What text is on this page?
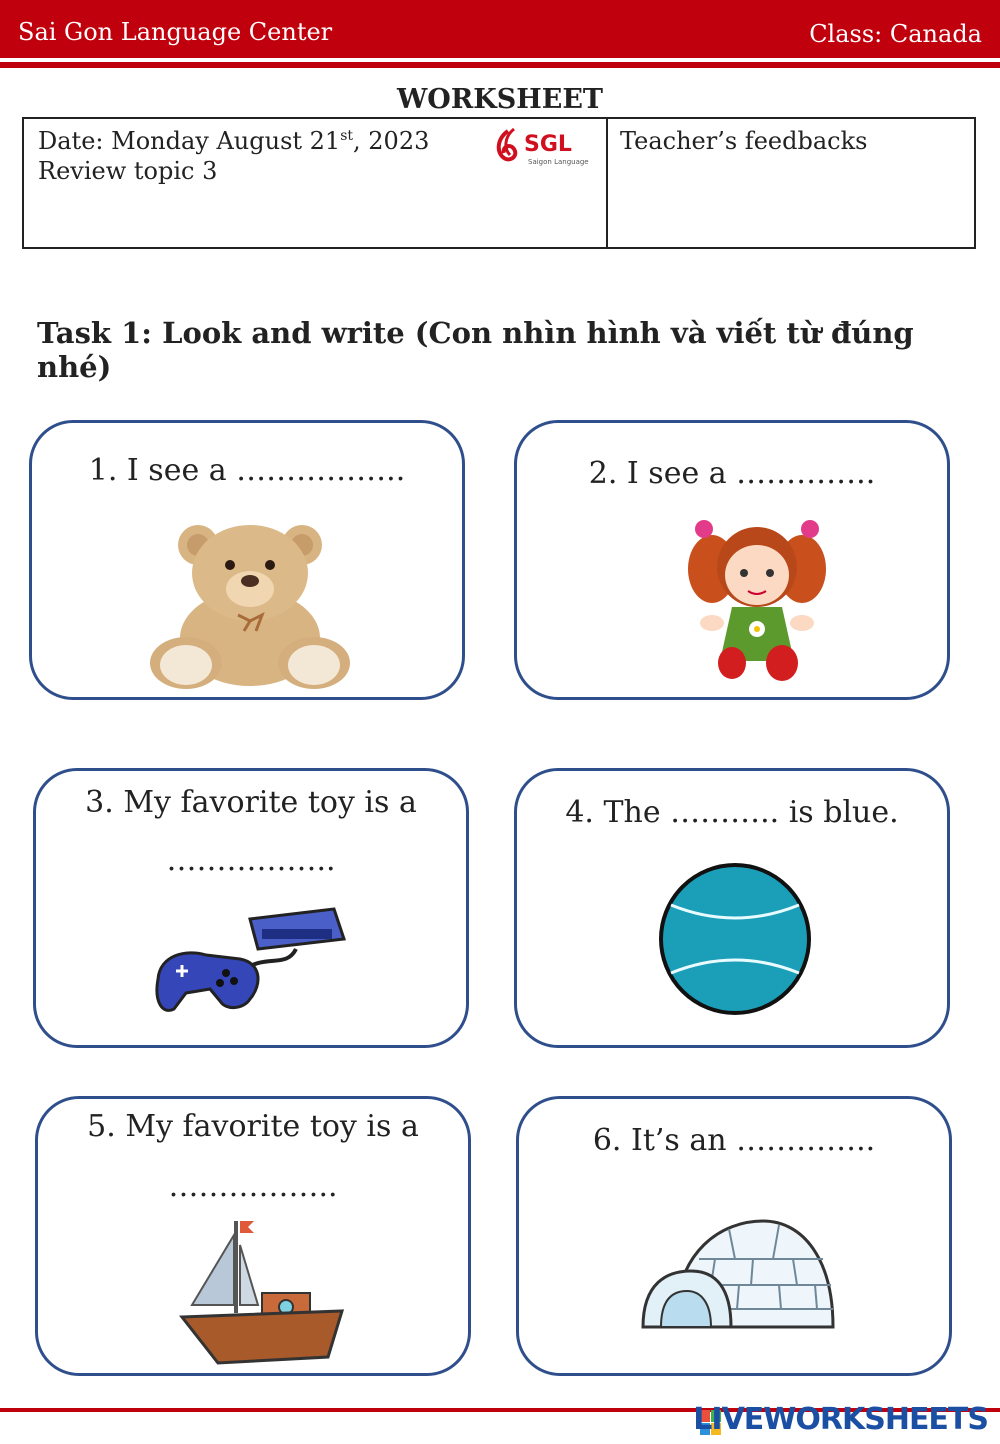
Sai Gon Language Center	Class: Canada
WORKSHEET
Date: Monday August 21st, 2023
Review topic 3
SGL
Saigon Language
Teacher’s feedbacks
Task 1: Look and write (Con nhìn hình và viết từ đúng nhé)
1. I see a ……………..	2. I see a …………..
3. My favorite toy is a
……………..
4. The ……….. is blue.
5. My favorite toy is a
……………..
6. It’s an …………..
LIVEWORKSHEETS
